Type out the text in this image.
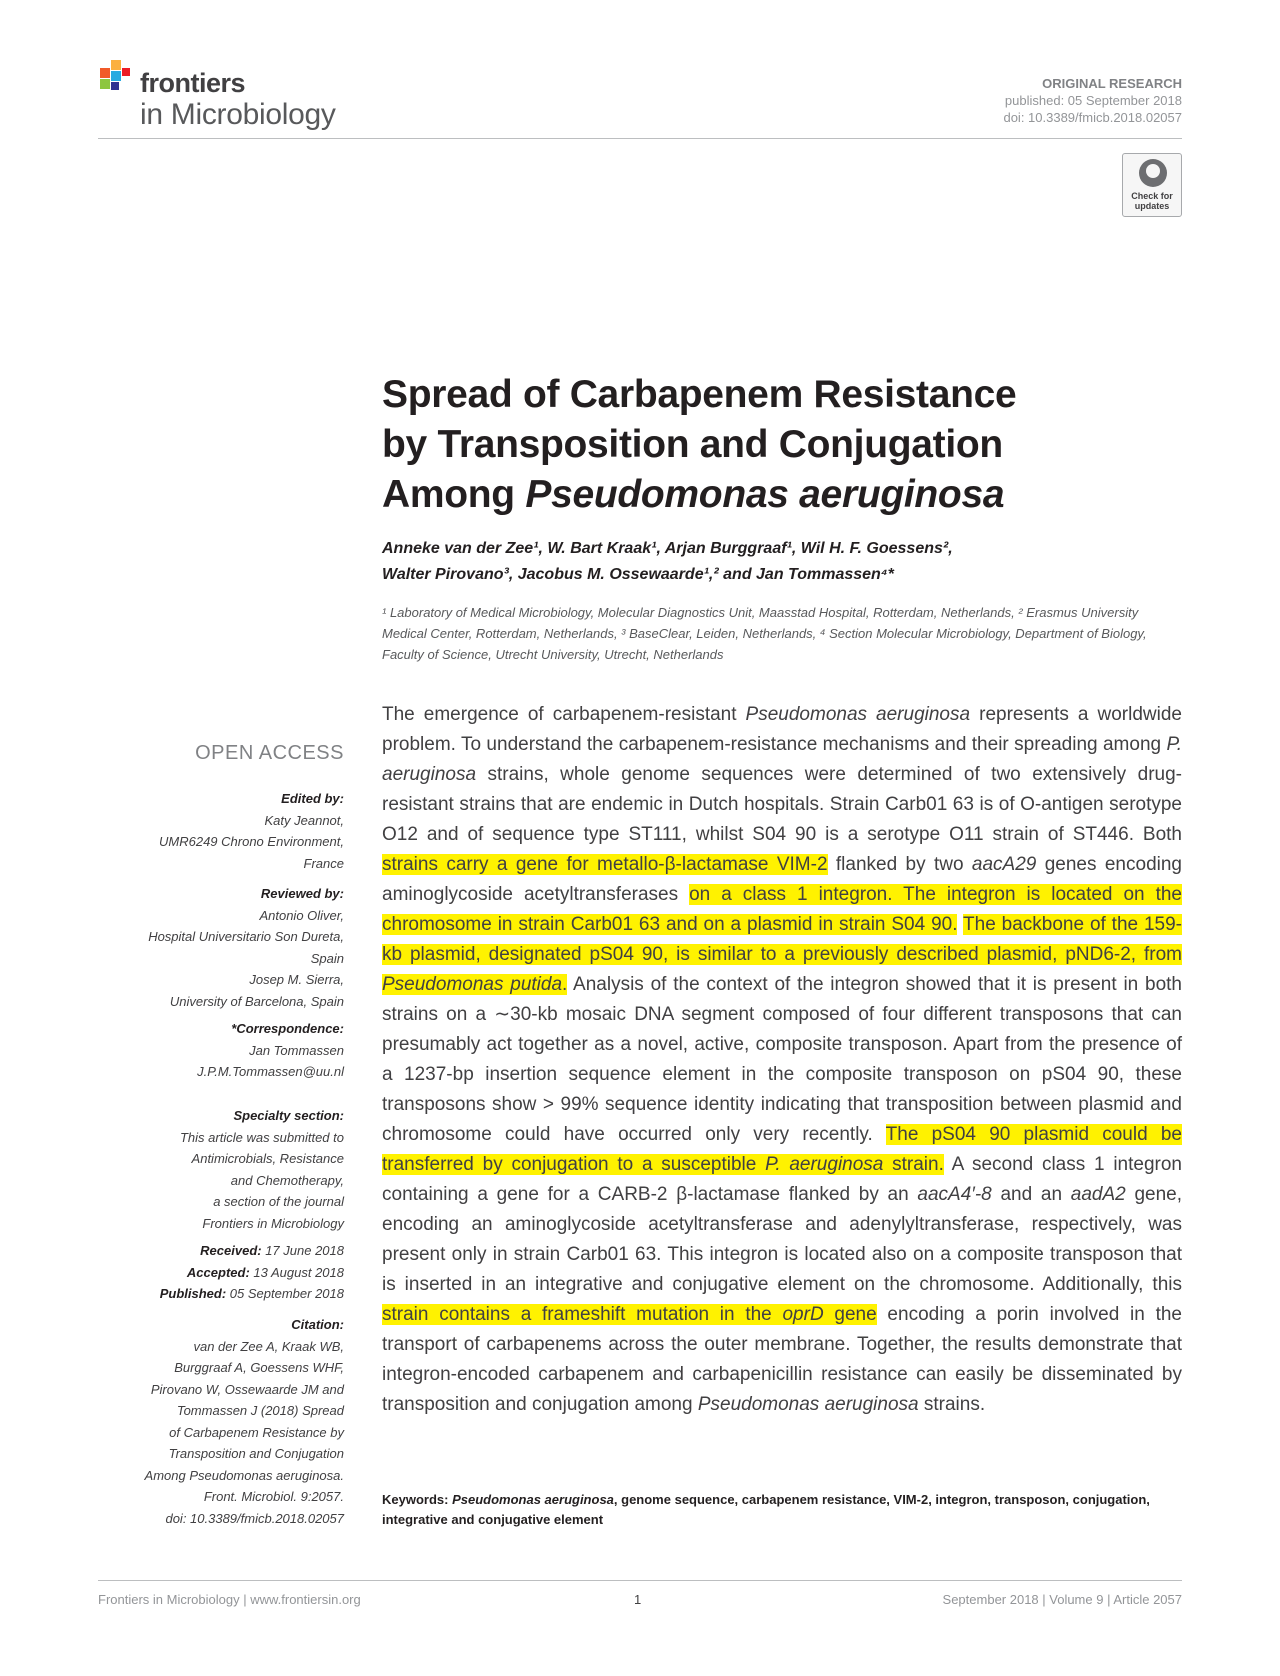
frontiers
in Microbiology
ORIGINAL RESEARCH
published: 05 September 2018
doi: 10.3389/fmicb.2018.02057
Check for
updates
Spread of Carbapenem Resistance
by Transposition and Conjugation
Among Pseudomonas aeruginosa
Anneke van der Zee¹, W. Bart Kraak¹, Arjan Burggraaf¹, Wil H. F. Goessens²,
Walter Pirovano³, Jacobus M. Ossewaarde¹,² and Jan Tommassen⁴*
¹ Laboratory of Medical Microbiology, Molecular Diagnostics Unit, Maasstad Hospital, Rotterdam, Netherlands, ² Erasmus University Medical Center, Rotterdam, Netherlands, ³ BaseClear, Leiden, Netherlands, ⁴ Section Molecular Microbiology, Department of Biology, Faculty of Science, Utrecht University, Utrecht, Netherlands
The emergence of carbapenem-resistant Pseudomonas aeruginosa represents a worldwide problem. To understand the carbapenem-resistance mechanisms and their spreading among P. aeruginosa strains, whole genome sequences were determined of two extensively drug-resistant strains that are endemic in Dutch hospitals. Strain Carb01 63 is of O-antigen serotype O12 and of sequence type ST111, whilst S04 90 is a serotype O11 strain of ST446. Both strains carry a gene for metallo-β-lactamase VIM-2 flanked by two aacA29 genes encoding aminoglycoside acetyltransferases on a class 1 integron. The integron is located on the chromosome in strain Carb01 63 and on a plasmid in strain S04 90. The backbone of the 159-kb plasmid, designated pS04 90, is similar to a previously described plasmid, pND6-2, from Pseudomonas putida. Analysis of the context of the integron showed that it is present in both strains on a ∼30-kb mosaic DNA segment composed of four different transposons that can presumably act together as a novel, active, composite transposon. Apart from the presence of a 1237-bp insertion sequence element in the composite transposon on pS04 90, these transposons show > 99% sequence identity indicating that transposition between plasmid and chromosome could have occurred only very recently. The pS04 90 plasmid could be transferred by conjugation to a susceptible P. aeruginosa strain. A second class 1 integron containing a gene for a CARB-2 β-lactamase flanked by an aacA4′-8 and an aadA2 gene, encoding an aminoglycoside acetyltransferase and adenylyltransferase, respectively, was present only in strain Carb01 63. This integron is located also on a composite transposon that is inserted in an integrative and conjugative element on the chromosome. Additionally, this strain contains a frameshift mutation in the oprD gene encoding a porin involved in the transport of carbapenems across the outer membrane. Together, the results demonstrate that integron-encoded carbapenem and carbapenicillin resistance can easily be disseminated by transposition and conjugation among Pseudomonas aeruginosa strains.
Keywords: Pseudomonas aeruginosa, genome sequence, carbapenem resistance, VIM-2, integron, transposon, conjugation, integrative and conjugative element
OPEN ACCESS
Edited by:
Katy Jeannot,
UMR6249 Chrono Environment,
France
Reviewed by:
Antonio Oliver,
Hospital Universitario Son Dureta,
Spain
Josep M. Sierra,
University of Barcelona, Spain
*Correspondence:
Jan Tommassen
J.P.M.Tommassen@uu.nl
Specialty section:
This article was submitted to
Antimicrobials, Resistance
and Chemotherapy,
a section of the journal
Frontiers in Microbiology
Received: 17 June 2018
Accepted: 13 August 2018
Published: 05 September 2018
Citation:
van der Zee A, Kraak WB,
Burggraaf A, Goessens WHF,
Pirovano W, Ossewaarde JM and
Tommassen J (2018) Spread
of Carbapenem Resistance by
Transposition and Conjugation
Among Pseudomonas aeruginosa.
Front. Microbiol. 9:2057.
doi: 10.3389/fmicb.2018.02057
Frontiers in Microbiology | www.frontiersin.org	1	September 2018 | Volume 9 | Article 2057
